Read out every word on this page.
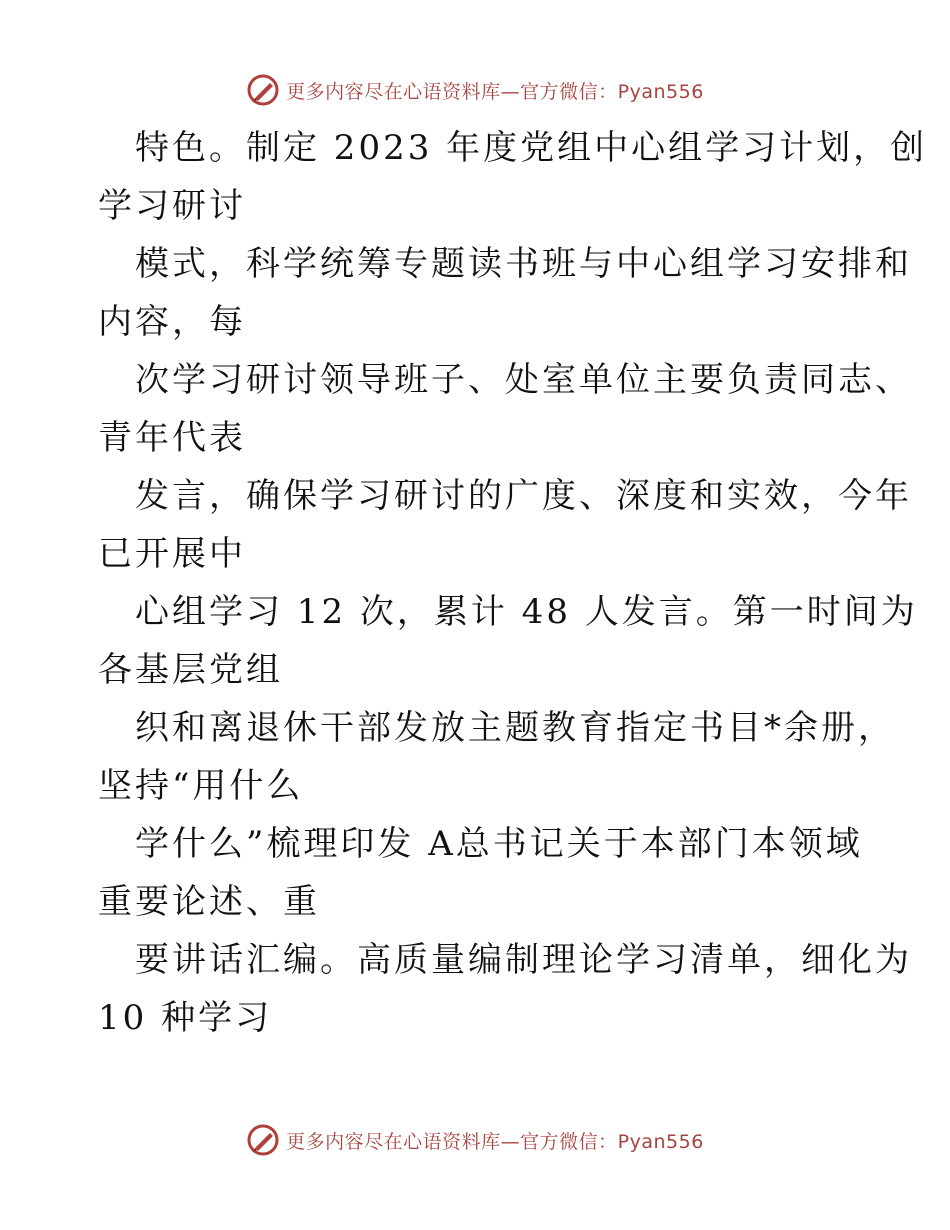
更多内容尽在心语资料库—官方微信：Pyan556
特色。制定 2023 年度党组中心组学习计划，创
学习研讨
模式，科学统筹专题读书班与中心组学习安排和
内容，每
次学习研讨领导班子、处室单位主要负责同志、
青年代表
发言，确保学习研讨的广度、深度和实效，今年
已开展中
心组学习 12 次，累计 48 人发言。第一时间为
各基层党组
织和离退休干部发放主题教育指定书目*余册，
坚持“用什么
学什么”梳理印发 A总书记关于本部门本领域
重要论述、重
要讲话汇编。高质量编制理论学习清单，细化为
10 种学习
更多内容尽在心语资料库—官方微信：Pyan556
